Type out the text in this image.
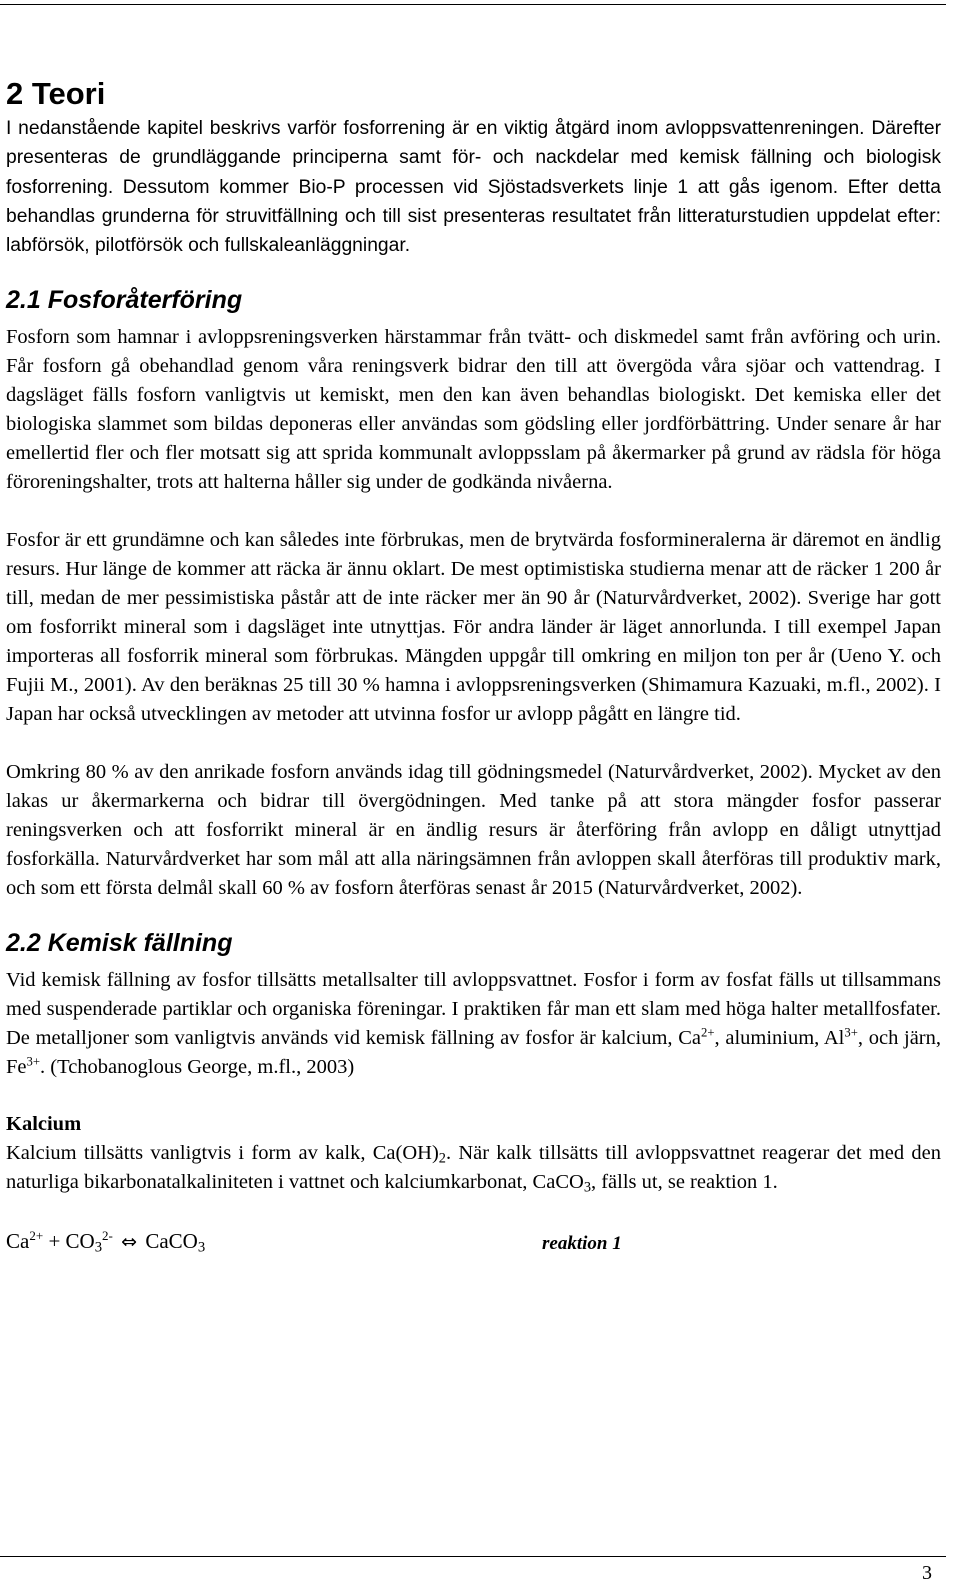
2 Teori

I nedanstående kapitel beskrivs varför fosforrening är en viktig åtgärd inom avloppsvattenreningen. Därefter presenteras de grundläggande principerna samt för- och nackdelar med kemisk fällning och biologisk fosforrening. Dessutom kommer Bio-P processen vid Sjöstadsverkets linje 1 att gås igenom. Efter detta behandlas grunderna för struvitfällning och till sist presenteras resultatet från litteraturstudien uppdelat efter: labförsök, pilotförsök och fullskaleanläggningar.

2.1 Fosforåterföring

Fosforn som hamnar i avloppsreningsverken härstammar från tvätt- och diskmedel samt från avföring och urin. Får fosforn gå obehandlad genom våra reningsverk bidrar den till att övergöda våra sjöar och vattendrag. I dagsläget fälls fosforn vanligtvis ut kemiskt, men den kan även behandlas biologiskt. Det kemiska eller det biologiska slammet som bildas deponeras eller användas som gödsling eller jordförbättring. Under senare år har emellertid fler och fler motsatt sig att sprida kommunalt avloppsslam på åkermarker på grund av rädsla för höga föroreningshalter, trots att halterna håller sig under de godkända nivåerna.

Fosfor är ett grundämne och kan således inte förbrukas, men de brytvärda fosformineralerna är däremot en ändlig resurs. Hur länge de kommer att räcka är ännu oklart. De mest optimistiska studierna menar att de räcker 1 200 år till, medan de mer pessimistiska påstår att de inte räcker mer än 90 år (Naturvårdverket, 2002). Sverige har gott om fosforrikt mineral som i dagsläget inte utnyttjas. För andra länder är läget annorlunda. I till exempel Japan importeras all fosforrik mineral som förbrukas. Mängden uppgår till omkring en miljon ton per år (Ueno Y. och Fujii M., 2001). Av den beräknas 25 till 30 % hamna i avloppsreningsverken (Shimamura Kazuaki, m.fl., 2002). I Japan har också utvecklingen av metoder att utvinna fosfor ur avlopp pågått en längre tid.

Omkring 80 % av den anrikade fosforn används idag till gödningsmedel (Naturvårdverket, 2002). Mycket av den lakas ur åkermarkerna och bidrar till övergödningen. Med tanke på att stora mängder fosfor passerar reningsverken och att fosforrikt mineral är en ändlig resurs är återföring från avlopp en dåligt utnyttjad fosforkälla. Naturvårdverket har som mål att alla näringsämnen från avloppen skall återföras till produktiv mark, och som ett första delmål skall 60 % av fosforn återföras senast år 2015 (Naturvårdverket, 2002).

2.2 Kemisk fällning

Vid kemisk fällning av fosfor tillsätts metallsalter till avloppsvattnet. Fosfor i form av fosfat fälls ut tillsammans med suspenderade partiklar och organiska föreningar. I praktiken får man ett slam med höga halter metallfosfater. De metalljoner som vanligtvis används vid kemisk fällning av fosfor är kalcium, $Ca^{2+}$, aluminium, $Al^{3+}$, och järn, $Fe^{3+}$. (Tchobanoglous George, m.fl., 2003)

Kalcium

Kalcium tillsätts vanligtvis i form av kalk, $Ca(OH)_2$. När kalk tillsätts till avloppsvattnet reagerar det med den naturliga bikarbonatalkaliniteten i vattnet och kalciumkarbonat, CaCO$_3$, fälls ut, se reaktion 1.

$Ca^{2+} + CO_3^{2-}$ ⇔ CaCO$_3$	reaktion 1
3
